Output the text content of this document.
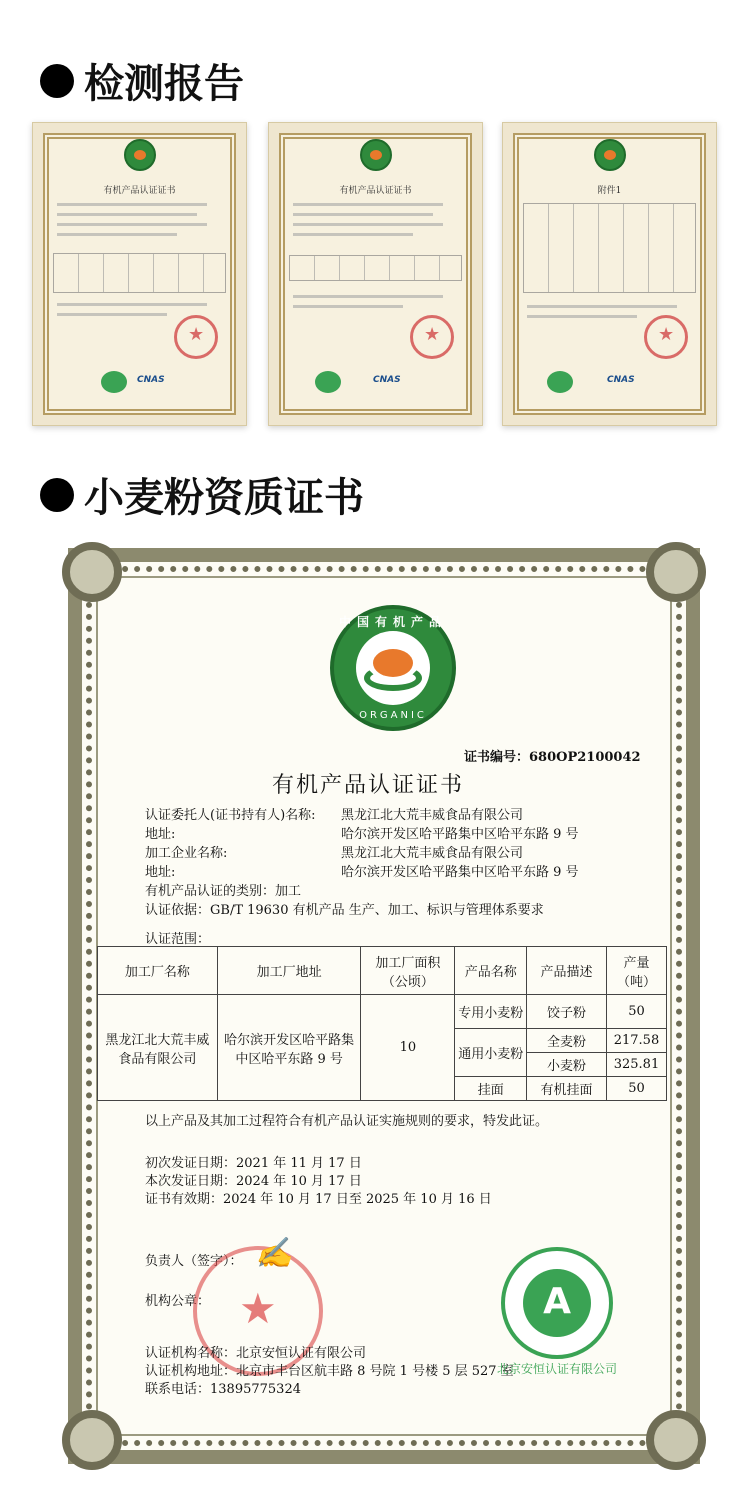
检测报告
有机产品认证证书
★
CNAS
有机产品认证证书
★
CNAS
附件1
★
CNAS
小麦粉资质证书
中国有机产品
ORGANIC
证书编号：680OP2100042
有机产品认证证书
认证委托人(证书持有人)名称: 黑龙江北大荒丰威食品有限公司
地址:	哈尔滨开发区哈平路集中区哈平东路 9 号
加工企业名称:	黑龙江北大荒丰威食品有限公司
地址:	哈尔滨开发区哈平路集中区哈平东路 9 号
有机产品认证的类别：加工
认证依据：GB/T 19630 有机产品 生产、加工、标识与管理体系要求
认证范围：
加工厂名称	加工厂地址	加工厂面积（公顷）	产品名称	产品描述	产量（吨）
黑龙江北大荒丰威食品有限公司	哈尔滨开发区哈平路集中区哈平东路 9 号	10	专用小麦粉	饺子粉	50
			通用小麦粉	全麦粉	217.58
				小麦粉	325.81
			挂面	有机挂面	50
以上产品及其加工过程符合有机产品认证实施规则的要求，特发此证。
初次发证日期：2021 年 11 月 17 日
本次发证日期：2024 年 10 月 17 日
证书有效期：2024 年 10 月 17 日至 2025 年 10 月 16 日
负责人（签字）：
机构公章： ★
✍
认证机构名称：北京安恒认证有限公司
认证机构地址：北京市丰台区航丰路 8 号院 1 号楼 5 层 527 室
联系电话：13895775324
A
北京安恒认证有限公司
